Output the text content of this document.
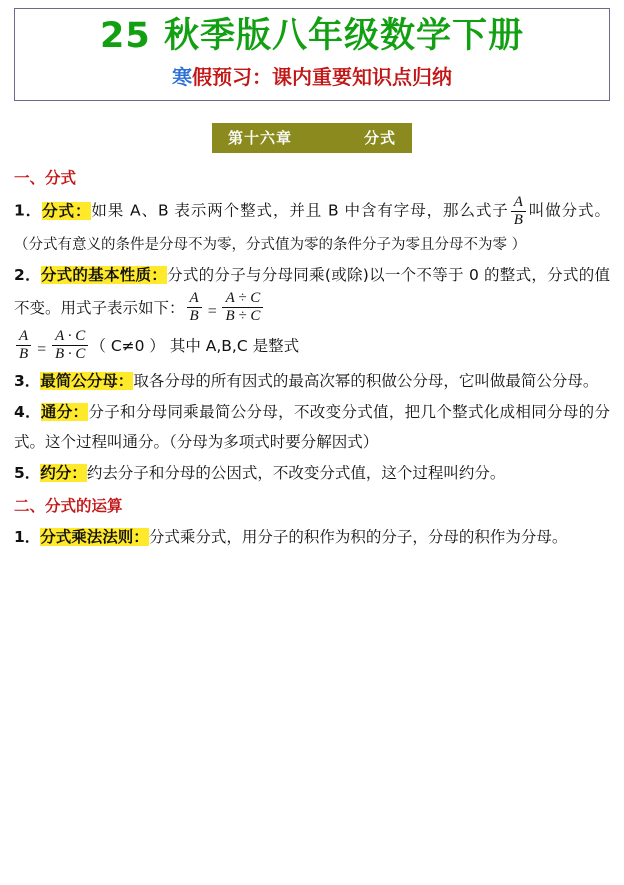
25 秋季版八年级数学下册
寒假预习：课内重要知识点归纳
第十六章	分式
一、分式
1．分式：如果 A、B 表示两个整式，并且 B 中含有字母，那么式子 $\frac{A}{B}$ 叫做分式。 （分式有意义的条件是分母不为零，分式值为零的条件分子为零且分母不为零 ）
2．分式的基本性质：分式的分子与分母同乘(或除)以一个不等于 0 的整式，分式的值不变。用式子表示如下： $\frac{A}{B} = \frac{A \div C}{B \div C}$
$\frac{A}{B} = \frac{A \cdot C}{B \cdot C}$ （ C≠0 ） 其中 A,B,C 是整式
3．最简公分母：取各分母的所有因式的最高次幂的积做公分母，它叫做最简公分母。
4．通分：分子和分母同乘最简公分母，不改变分式值，把几个整式化成相同分母的分式。这个过程叫通分。（分母为多项式时要分解因式）
5．约分：约去分子和分母的公因式，不改变分式值，这个过程叫约分。
二、分式的运算
1．分式乘法法则：分式乘分式，用分子的积作为积的分子，分母的积作为分母。
